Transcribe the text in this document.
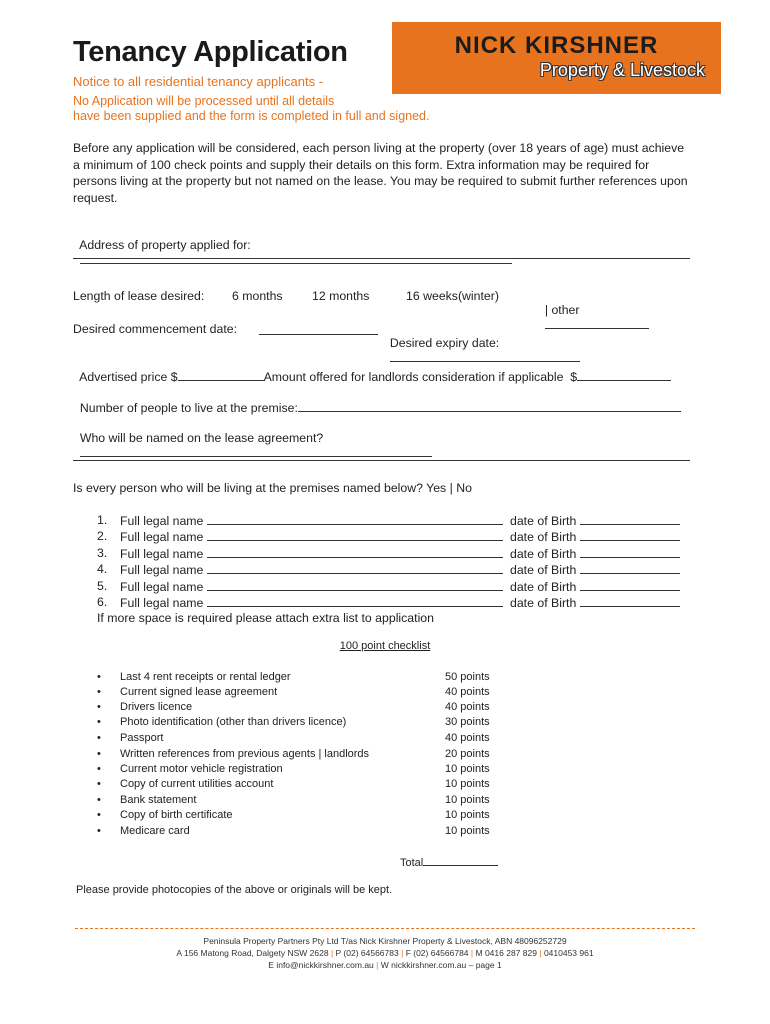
Tenancy Application	NICK KIRSHNER
Property & Livestock
Notice to all residential tenancy applicants -
No Application will be processed until all details
have been supplied and the form is completed in full and signed.
Before any application will be considered, each person living at the property (over 18 years of age) must achieve a minimum of 100 check points and supply their details on this form. Extra information may be required for persons living at the property but not named on the lease. You may be required to submit further references upon request.

Address of property applied for:

Length of lease desired: 6 months 12 months	16 weeks(winter)

| other

Desired commencement date:

Desired expiry date:

Advertised price $	Amount offered for landlords consideration if applicable  $

Number of people to live at the premise:

Who will be named on the lease agreement?

Is every person who will be living at the premises named below? Yes | No
1. Full legal name	date of Birth
2. Full legal name	date of Birth
3. Full legal name	date of Birth
4. Full legal name	date of Birth
5. Full legal name	date of Birth
6. Full legal name	date of Birth
If more space is required please attach extra list to application
100 point checklist
• Last 4 rent receipts or rental ledger	50 points
• Current signed lease agreement	40 points
• Drivers licence	40 points
• Photo identification (other than drivers licence)	30 points
• Passport	40 points
• Written references from previous agents | landlords	20 points
• Current motor vehicle registration	10 points
• Copy of current utilities account	10 points
• Bank statement	10 points
• Copy of birth certificate	10 points
• Medicare card	10 points
Total
Please provide photocopies of the above or originals will be kept.
Peninsula Property Partners Pty Ltd T/as Nick Kirshner Property & Livestock, ABN 48096252729
A 156 Matong Road, Dalgety NSW 2628 | P (02) 64566783 | F (02) 64566784 | M 0416 287 829 | 0410453 961
E info@nickkirshner.com.au | W nickkirshner.com.au – page 1
